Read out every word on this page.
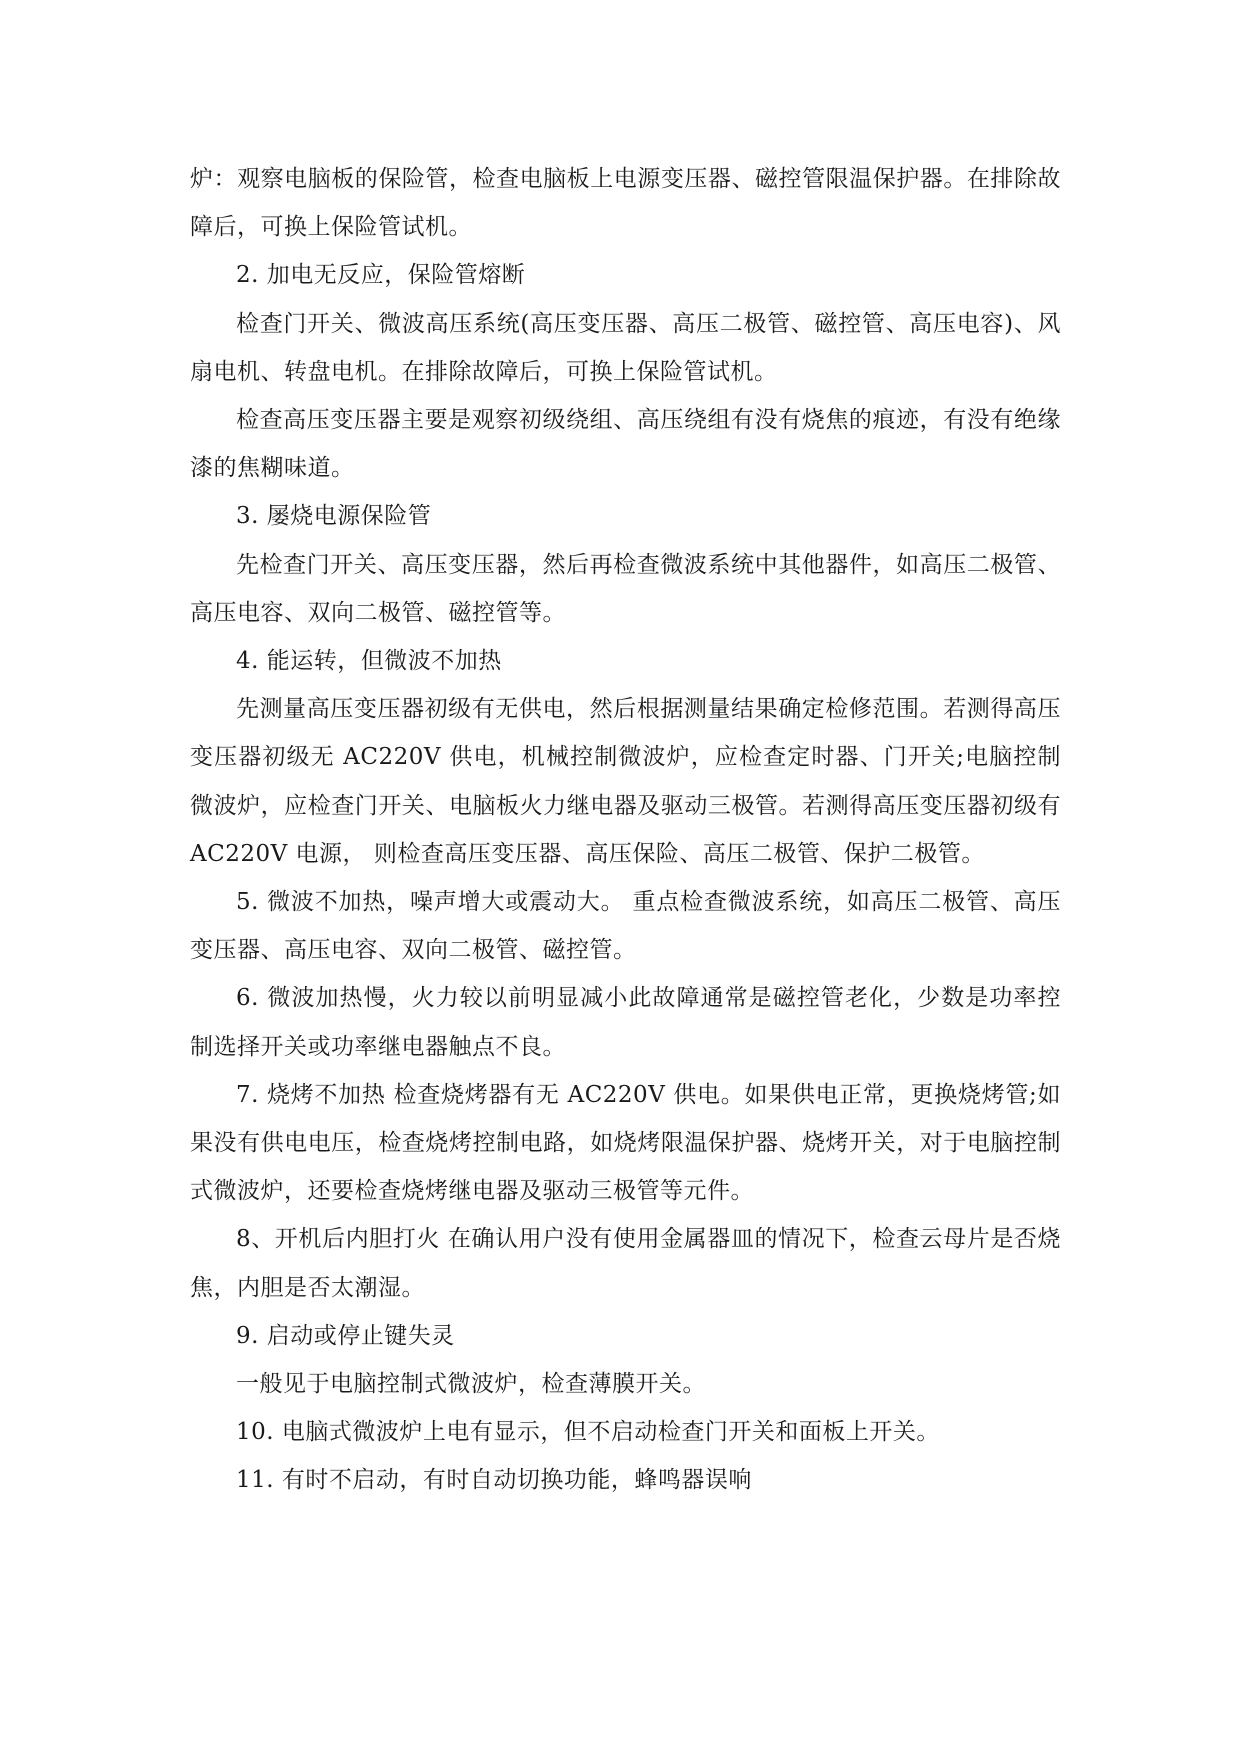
炉：观察电脑板的保险管，检查电脑板上电源变压器、磁控管限温保护器。在排除故障后，可换上保险管试机。

2. 加电无反应，保险管熔断

检查门开关、微波高压系统(高压变压器、高压二极管、磁控管、高压电容)、风扇电机、转盘电机。在排除故障后，可换上保险管试机。

检查高压变压器主要是观察初级绕组、高压绕组有没有烧焦的痕迹，有没有绝缘漆的焦糊味道。

3. 屡烧电源保险管

先检查门开关、高压变压器，然后再检查微波系统中其他器件，如高压二极管、高压电容、双向二极管、磁控管等。

4. 能运转，但微波不加热

先测量高压变压器初级有无供电，然后根据测量结果确定检修范围。若测得高压变压器初级无 AC220V 供电，机械控制微波炉，应检查定时器、门开关;电脑控制微波炉，应检查门开关、电脑板火力继电器及驱动三极管。若测得高压变压器初级有 AC220V 电源， 则检查高压变压器、高压保险、高压二极管、保护二极管。

5. 微波不加热，噪声增大或震动大。 重点检查微波系统，如高压二极管、高压变压器、高压电容、双向二极管、磁控管。

6. 微波加热慢，火力较以前明显减小此故障通常是磁控管老化，少数是功率控制选择开关或功率继电器触点不良。

7. 烧烤不加热 检查烧烤器有无 AC220V 供电。如果供电正常，更换烧烤管;如果没有供电电压，检查烧烤控制电路，如烧烤限温保护器、烧烤开关，对于电脑控制式微波炉，还要检查烧烤继电器及驱动三极管等元件。

8、开机后内胆打火 在确认用户没有使用金属器皿的情况下，检查云母片是否烧焦，内胆是否太潮湿。

9. 启动或停止键失灵

一般见于电脑控制式微波炉，检查薄膜开关。

10. 电脑式微波炉上电有显示，但不启动检查门开关和面板上开关。

11. 有时不启动，有时自动切换功能，蜂鸣器误响
